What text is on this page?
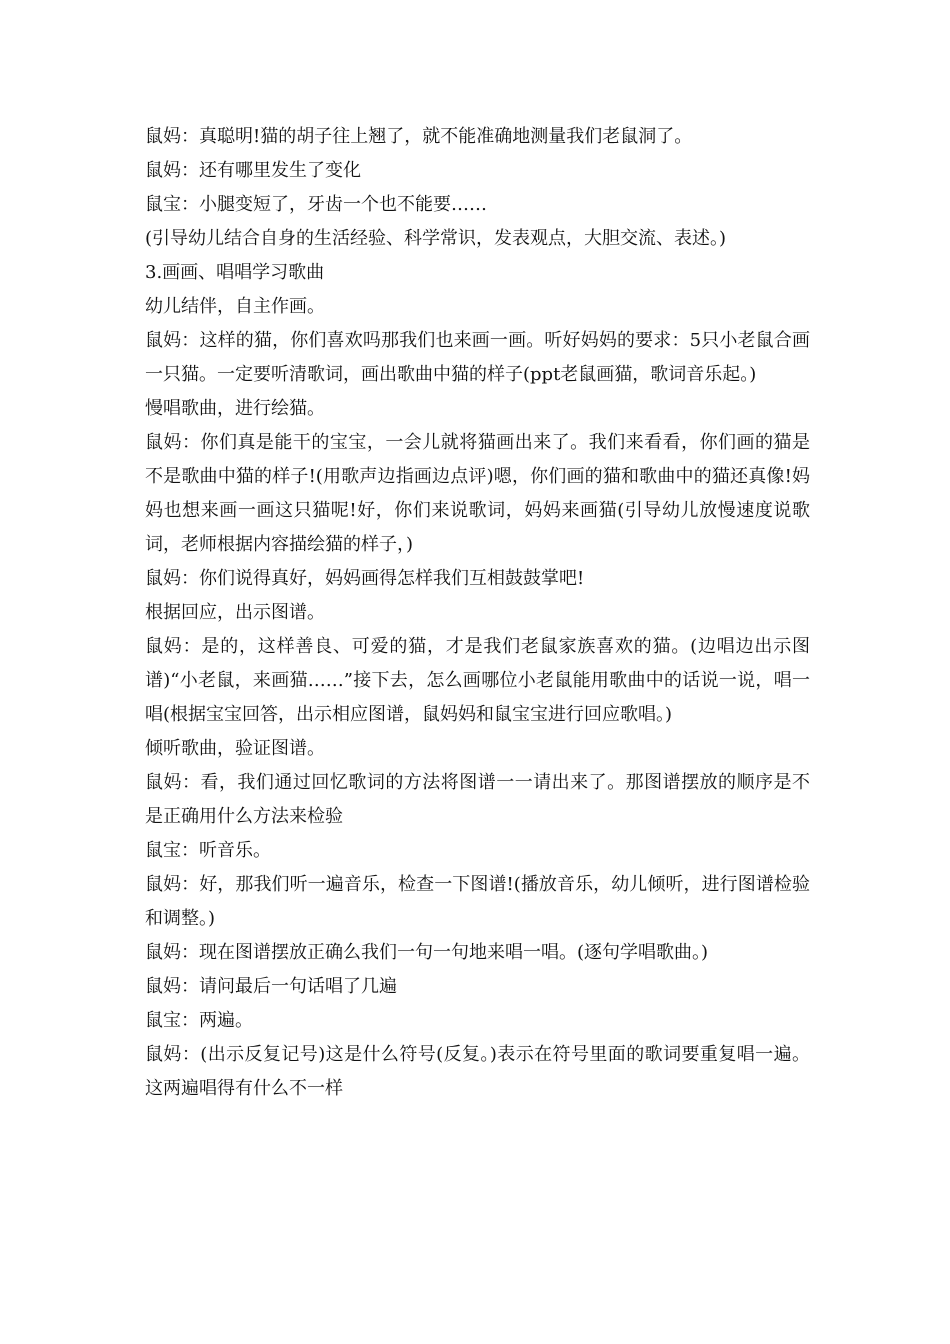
鼠妈：真聪明!猫的胡子往上翘了，就不能准确地测量我们老鼠洞了。

鼠妈：还有哪里发生了变化

鼠宝：小腿变短了，牙齿一个也不能要……

(引导幼儿结合自身的生活经验、科学常识，发表观点，大胆交流、表述。)

3.画画、唱唱学习歌曲

幼儿结伴，自主作画。

鼠妈：这样的猫，你们喜欢吗那我们也来画一画。听好妈妈的要求：5只小老鼠合画一只猫。一定要听清歌词，画出歌曲中猫的样子(ppt老鼠画猫，歌词音乐起。)

慢唱歌曲，进行绘猫。

鼠妈：你们真是能干的宝宝，一会儿就将猫画出来了。我们来看看，你们画的猫是不是歌曲中猫的样子!(用歌声边指画边点评)嗯，你们画的猫和歌曲中的猫还真像!妈妈也想来画一画这只猫呢!好，你们来说歌词，妈妈来画猫(引导幼儿放慢速度说歌词，老师根据内容描绘猫的样子，)

鼠妈：你们说得真好，妈妈画得怎样我们互相鼓鼓掌吧!

根据回应，出示图谱。

鼠妈：是的，这样善良、可爱的猫，才是我们老鼠家族喜欢的猫。(边唱边出示图谱)“小老鼠，来画猫……”接下去，怎么画哪位小老鼠能用歌曲中的话说一说，唱一唱(根据宝宝回答，出示相应图谱，鼠妈妈和鼠宝宝进行回应歌唱。)

倾听歌曲，验证图谱。

鼠妈：看，我们通过回忆歌词的方法将图谱一一请出来了。那图谱摆放的顺序是不是正确用什么方法来检验

鼠宝：听音乐。

鼠妈：好，那我们听一遍音乐，检查一下图谱!(播放音乐，幼儿倾听，进行图谱检验和调整。)

鼠妈：现在图谱摆放正确么我们一句一句地来唱一唱。(逐句学唱歌曲。)

鼠妈：请问最后一句话唱了几遍

鼠宝：两遍。

鼠妈：(出示反复记号)这是什么符号(反复。)表示在符号里面的歌词要重复唱一遍。这两遍唱得有什么不一样
